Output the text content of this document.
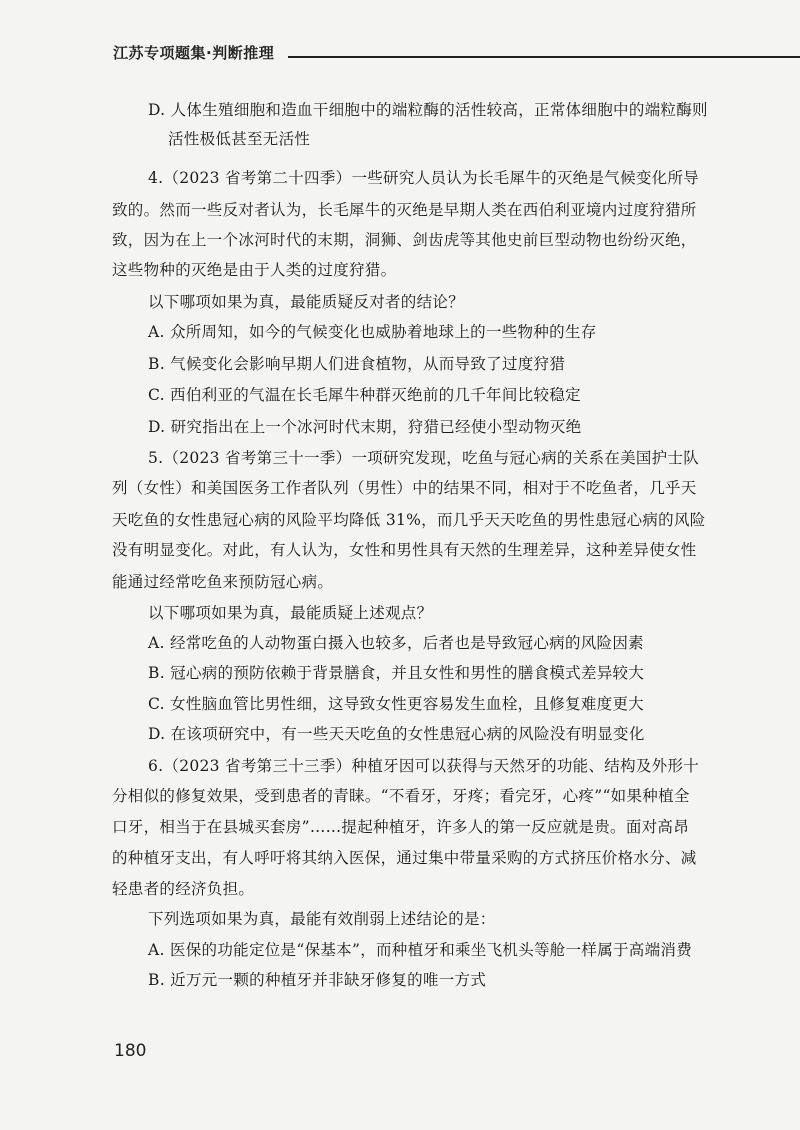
江苏专项题集·判断推理
D. 人体生殖细胞和造血干细胞中的端粒酶的活性较高，正常体细胞中的端粒酶则
活性极低甚至无活性
4.（2023 省考第二十四季）一些研究人员认为长毛犀牛的灭绝是气候变化所导
致的。然而一些反对者认为，长毛犀牛的灭绝是早期人类在西伯利亚境内过度狩猎所
致，因为在上一个冰河时代的末期，洞狮、剑齿虎等其他史前巨型动物也纷纷灭绝，
这些物种的灭绝是由于人类的过度狩猎。
以下哪项如果为真，最能质疑反对者的结论？
A. 众所周知，如今的气候变化也威胁着地球上的一些物种的生存
B. 气候变化会影响早期人们进食植物，从而导致了过度狩猎
C. 西伯利亚的气温在长毛犀牛种群灭绝前的几千年间比较稳定
D. 研究指出在上一个冰河时代末期，狩猎已经使小型动物灭绝
5.（2023 省考第三十一季）一项研究发现，吃鱼与冠心病的关系在美国护士队
列（女性）和美国医务工作者队列（男性）中的结果不同，相对于不吃鱼者，几乎天
天吃鱼的女性患冠心病的风险平均降低 31%，而几乎天天吃鱼的男性患冠心病的风险
没有明显变化。对此，有人认为，女性和男性具有天然的生理差异，这种差异使女性
能通过经常吃鱼来预防冠心病。
以下哪项如果为真，最能质疑上述观点？
A. 经常吃鱼的人动物蛋白摄入也较多，后者也是导致冠心病的风险因素
B. 冠心病的预防依赖于背景膳食，并且女性和男性的膳食模式差异较大
C. 女性脑血管比男性细，这导致女性更容易发生血栓，且修复难度更大
D. 在该项研究中，有一些天天吃鱼的女性患冠心病的风险没有明显变化
6.（2023 省考第三十三季）种植牙因可以获得与天然牙的功能、结构及外形十
分相似的修复效果，受到患者的青睐。“不看牙，牙疼；看完牙，心疼”“如果种植全
口牙，相当于在县城买套房”……提起种植牙，许多人的第一反应就是贵。面对高昂
的种植牙支出，有人呼吁将其纳入医保，通过集中带量采购的方式挤压价格水分、减
轻患者的经济负担。
下列选项如果为真，最能有效削弱上述结论的是：
A. 医保的功能定位是“保基本”，而种植牙和乘坐飞机头等舱一样属于高端消费
B. 近万元一颗的种植牙并非缺牙修复的唯一方式
180
